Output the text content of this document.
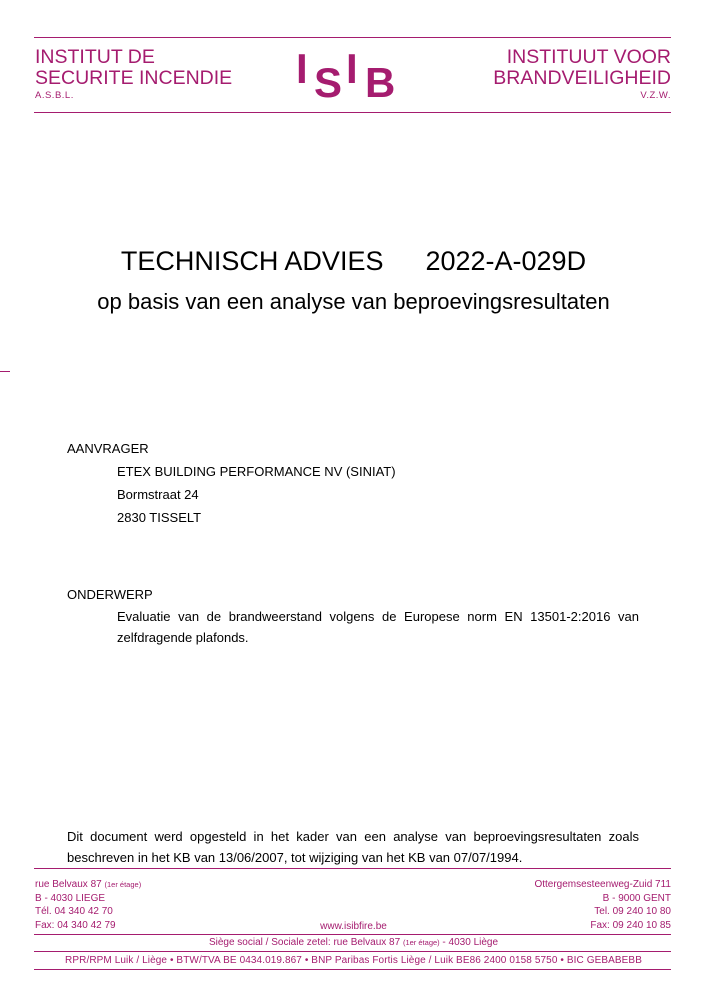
INSTITUT DE
SECURITE INCENDIE
A.S.B.L.
I S I B
INSTITUUT VOOR
BRANDVEILIGHEID
V.Z.W.
TECHNISCH ADVIES 2022-A-029D
op basis van een analyse van beproevingsresultaten
AANVRAGER
ETEX BUILDING PERFORMANCE NV (SINIAT)
Bormstraat 24
2830 TISSELT
ONDERWERP
Evaluatie van de brandweerstand volgens de Europese norm EN 13501-2:2016 van zelfdragende plafonds.
Dit document werd opgesteld in het kader van een analyse van beproevingsresultaten zoals beschreven in het KB van 13/06/2007, tot wijziging van het KB van 07/07/1994.
rue Belvaux 87 (1er étage)
B - 4030 LIEGE
Tél. 04 340 42 70
Fax: 04 340 42 79
Ottergemsesteenweg-Zuid 711
B - 9000 GENT
Tel. 09 240 10 80
Fax: 09 240 10 85
www.isibfire.be
Siège social / Sociale zetel: rue Belvaux 87 (1er étage) - 4030 Liège
RPR/RPM Luik / Liège • BTW/TVA BE 0434.019.867 • BNP Paribas Fortis Liège / Luik BE86 2400 0158 5750 • BIC GEBABEBB
